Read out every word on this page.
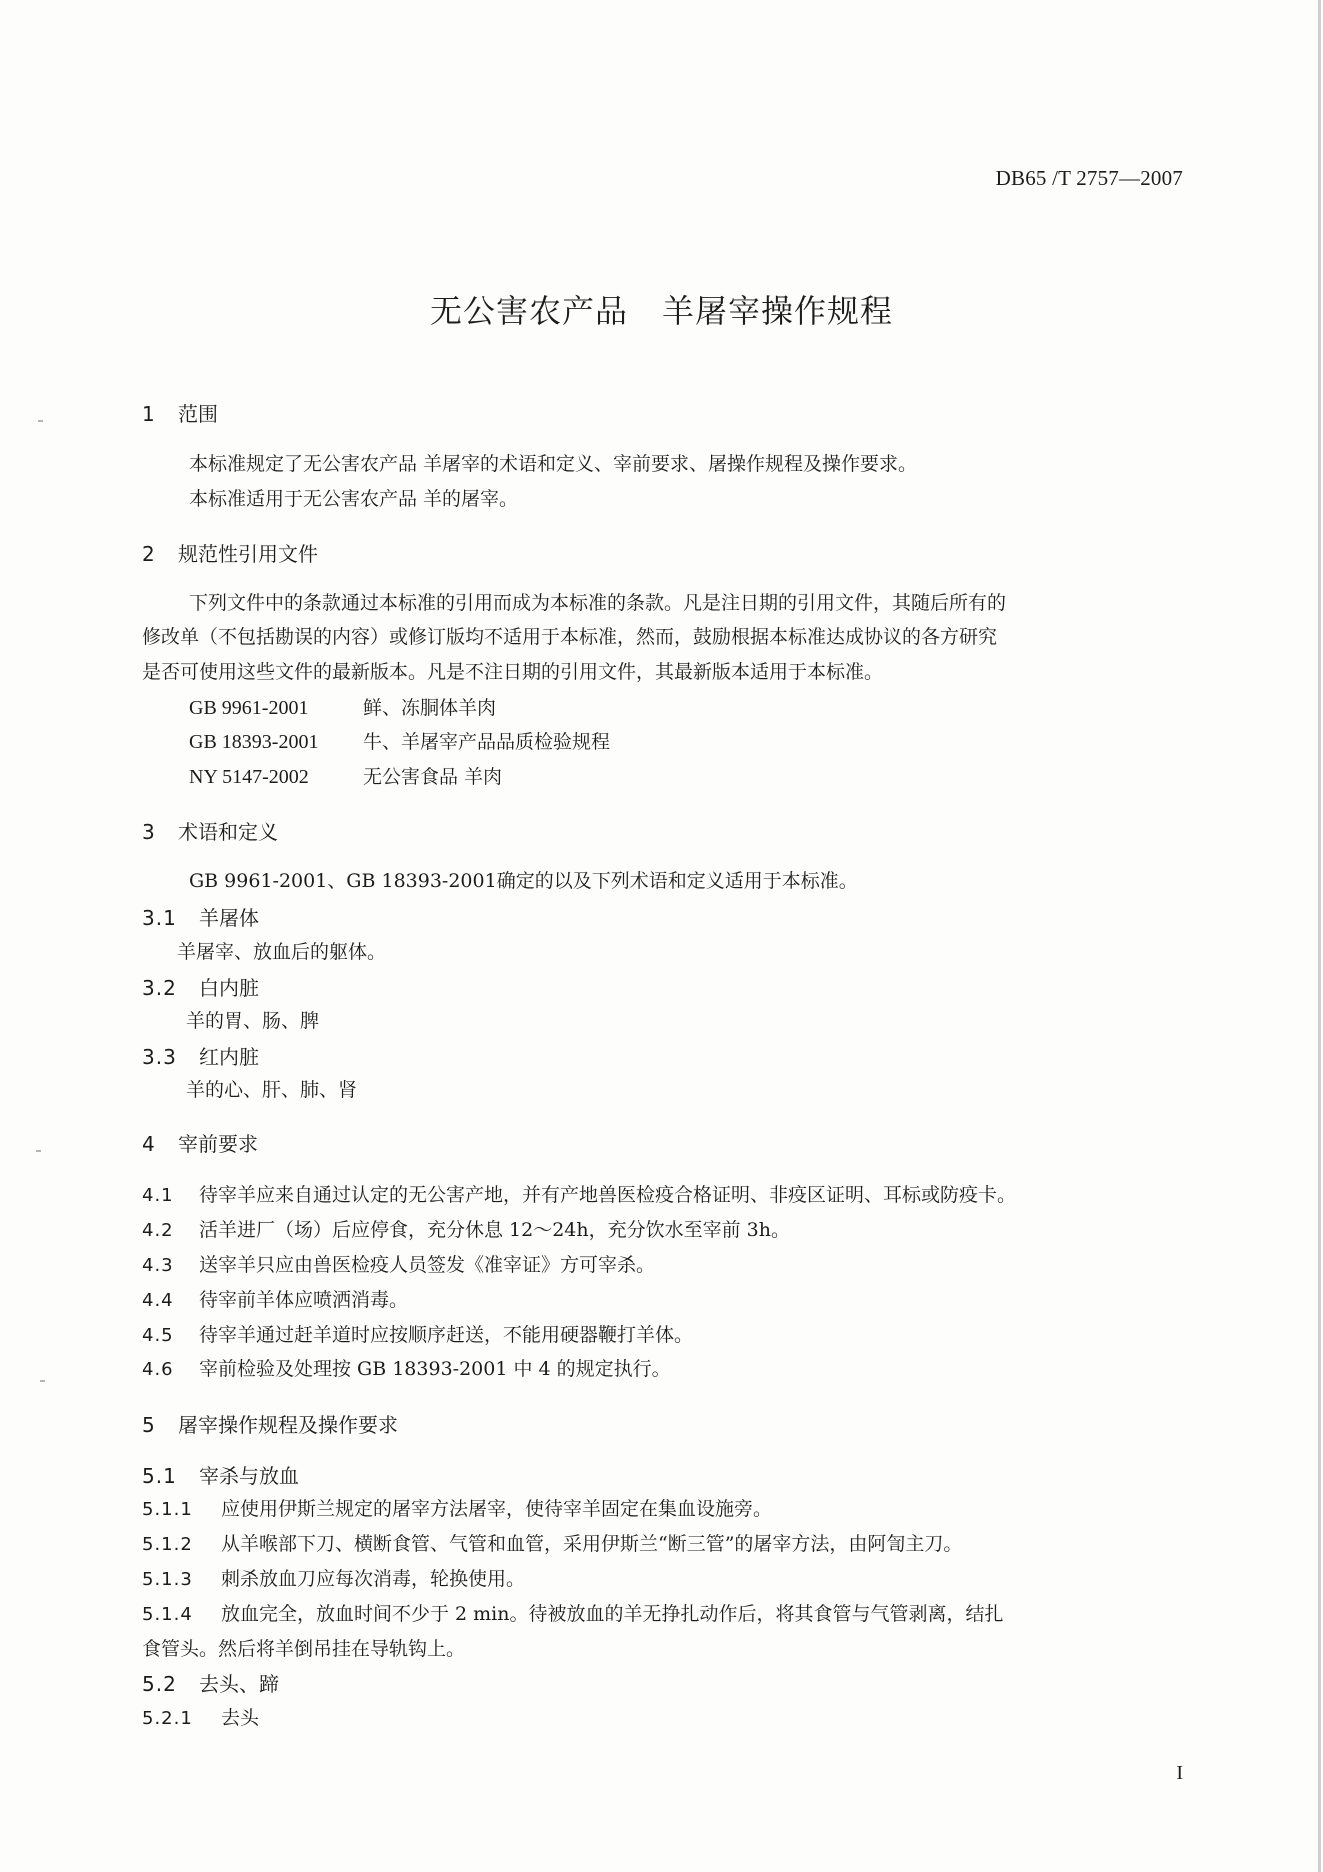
DB65 /T 2757—2007
无公害农产品 羊屠宰操作规程
1 范围
本标准规定了无公害农产品 羊屠宰的术语和定义、宰前要求、屠操作规程及操作要求。
本标准适用于无公害农产品 羊的屠宰。
2 规范性引用文件
下列文件中的条款通过本标准的引用而成为本标准的条款。凡是注日期的引用文件，其随后所有的
修改单（不包括勘误的内容）或修订版均不适用于本标准，然而，鼓励根据本标准达成协议的各方研究
是否可使用这些文件的最新版本。凡是不注日期的引用文件，其最新版本适用于本标准。
GB 9961-2001	鲜、冻胴体羊肉
GB 18393-2001 牛、羊屠宰产品品质检验规程
NY 5147-2002	无公害食品 羊肉
3 术语和定义
GB 9961-2001、GB 18393-2001确定的以及下列术语和定义适用于本标准。
3.1 羊屠体
羊屠宰、放血后的躯体。
3.2 白内脏
羊的胃、肠、脾
3.3 红内脏
羊的心、肝、肺、肾
4 宰前要求
4.1 待宰羊应来自通过认定的无公害产地，并有产地兽医检疫合格证明、非疫区证明、耳标或防疫卡。
4.2 活羊进厂（场）后应停食，充分休息 12～24h，充分饮水至宰前 3h。
4.3 送宰羊只应由兽医检疫人员签发《准宰证》方可宰杀。
4.4 待宰前羊体应喷洒消毒。
4.5 待宰羊通过赶羊道时应按顺序赶送，不能用硬器鞭打羊体。
4.6 宰前检验及处理按 GB 18393-2001 中 4 的规定执行。
5 屠宰操作规程及操作要求
5.1 宰杀与放血
5.1.1 应使用伊斯兰规定的屠宰方法屠宰，使待宰羊固定在集血设施旁。
5.1.2 从羊喉部下刀、横断食管、气管和血管，采用伊斯兰“断三管”的屠宰方法，由阿訇主刀。
5.1.3 刺杀放血刀应每次消毒，轮换使用。
5.1.4 放血完全，放血时间不少于 2 min。待被放血的羊无挣扎动作后，将其食管与气管剥离，结扎
食管头。然后将羊倒吊挂在导轨钩上。
5.2 去头、蹄
5.2.1 去头
I
